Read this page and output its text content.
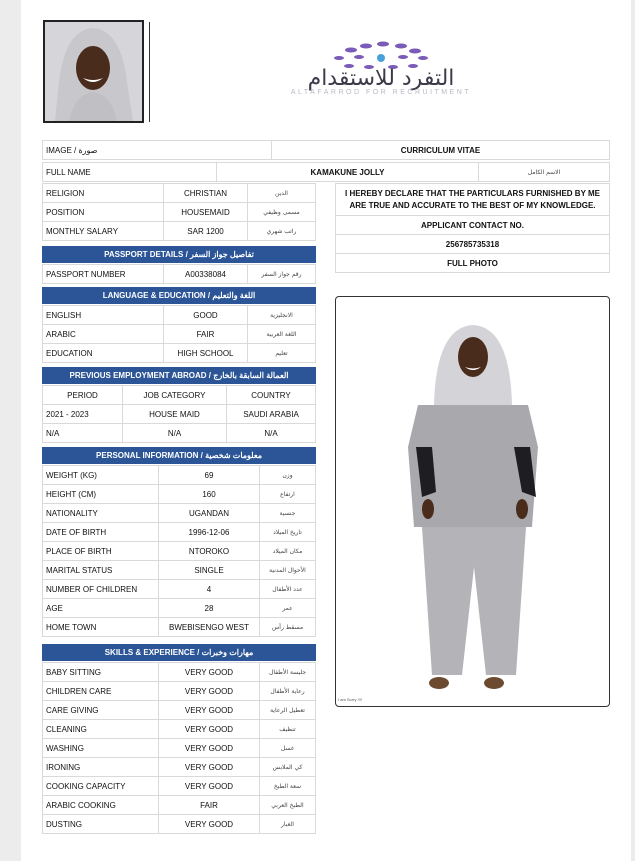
التفرد للاستقدام
ALTAFARROD FOR RECRUITMENT
IMAGE / صورة	CURRICULUM VITAE
FULL NAME	KAMAKUNE JOLLY	الاسم الكامل
RELIGION	CHRISTIAN	الدين
POSITION	HOUSEMAID	مسمى وظيفي
MONTHLY SALARY	SAR 1200	راتب شهري
I HEREBY DECLARE THAT THE PARTICULARS FURNISHED BY ME ARE TRUE AND ACCURATE TO THE BEST OF MY KNOWLEDGE.
APPLICANT CONTACT NO.
256785735318
FULL PHOTO
PASSPORT DETAILS / تفاصيل جواز السفر
PASSPORT NUMBER	A00338084	رقم جواز السفر
LANGUAGE & EDUCATION / اللغة والتعليم
ENGLISH	GOOD	الانجليزية
ARABIC	FAIR	اللغة العربية
EDUCATION	HIGH SCHOOL	تعليم
PREVIOUS EMPLOYMENT ABROAD / العمالة السابقة بالخارج
PERIOD	JOB CATEGORY	COUNTRY
2021 - 2023	HOUSE MAID	SAUDI ARABIA
N/A	N/A	N/A
PERSONAL INFORMATION / معلومات شخصية
WEIGHT (KG)	69	وزن
HEIGHT (CM)	160	ارتفاع
NATIONALITY	UGANDAN	جنسية
DATE OF BIRTH	1996-12-06	تاريخ الميلاد
PLACE OF BIRTH	NTOROKO	مكان الميلاد
MARITAL STATUS	SINGLE	الأحوال المدنية
NUMBER OF CHILDREN	4	عدد الأطفال
AGE	28	عمر
HOME TOWN	BWEBISENGO WEST	مسقط رأس
SKILLS & EXPERIENCE / مهارات وخبرات
BABY SITTING	VERY GOOD	جليسة الأطفال
CHILDREN CARE	VERY GOOD	رعاية الأطفال
CARE GIVING	VERY GOOD	تعطيل الرعاية
CLEANING	VERY GOOD	تنظيف
WASHING	VERY GOOD	غسل
IRONING	VERY GOOD	كي الملابس
COOKING CAPACITY	VERY GOOD	سعة الطبخ
ARABIC COOKING	FAIR	الطبخ العربي
DUSTING	VERY GOOD	الغبار
I am Sorry !!!!
